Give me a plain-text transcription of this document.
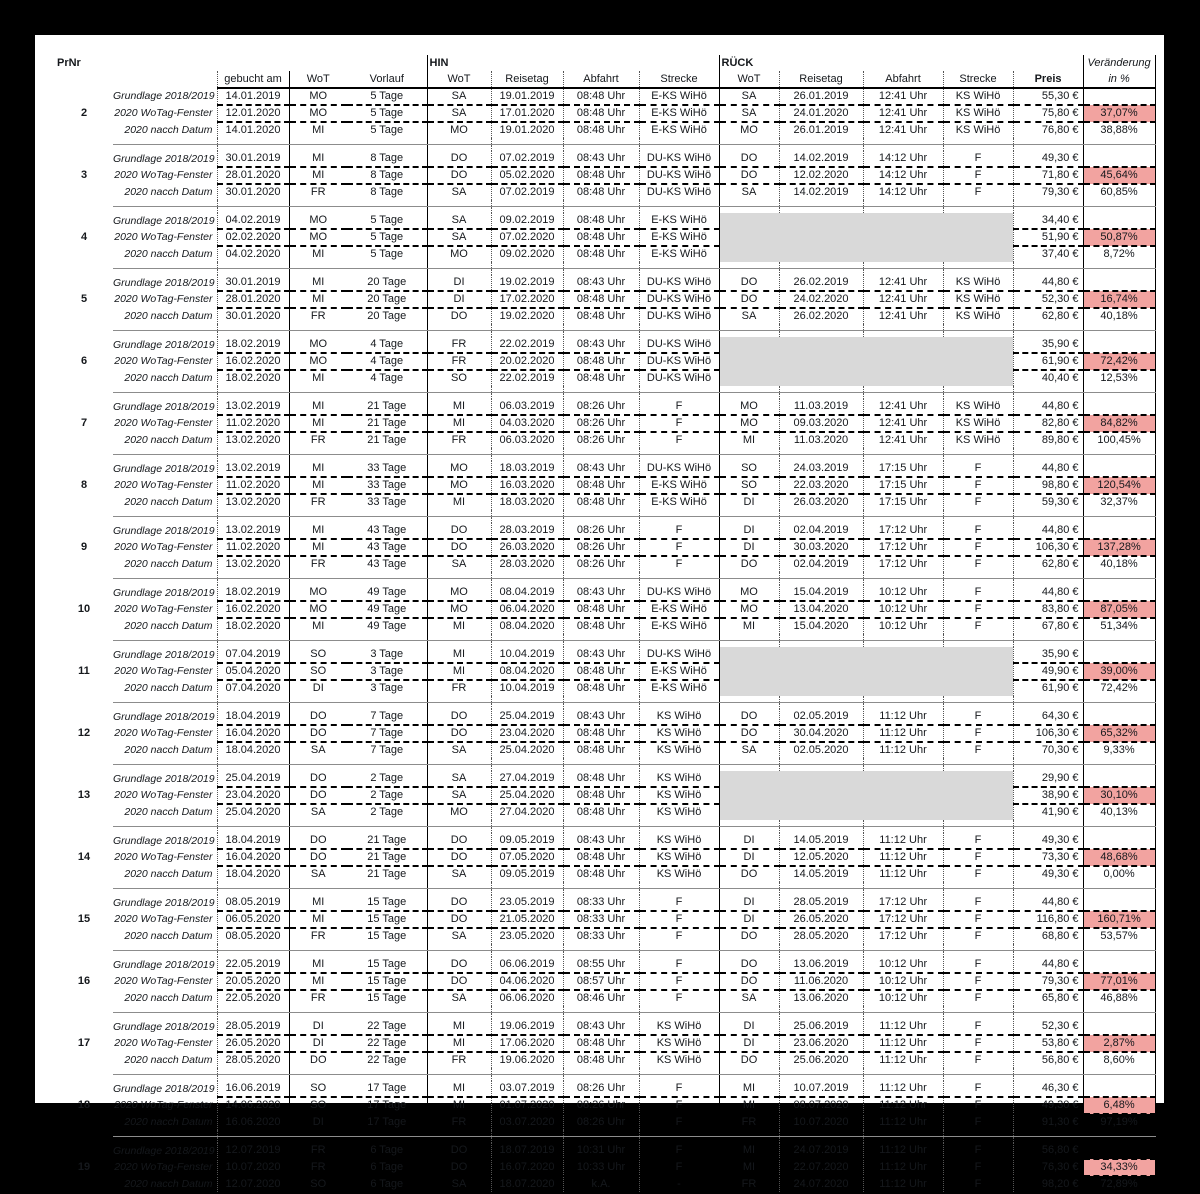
PrNr					HIN				RÜCK					Veränderung
		gebucht am	WoT	Vorlauf	WoT	Reisetag	Abfahrt	Strecke	WoT	Reisetag	Abfahrt	Strecke	Preis	in %
	Grundlage 2018/2019	14.01.2019	MO	5 Tage	SA	19.01.2019	08:48 Uhr	E-KS WiHö	SA	26.01.2019	12:41 Uhr	KS WiHö	55,30 €	
2	2020 WoTag-Fenster	12.01.2020	MO	5 Tage	SA	17.01.2020	08:48 Uhr	E-KS WiHö	SA	24.01.2020	12:41 Uhr	KS WiHö	75,80 €	37,07%
	2020 nacch Datum	14.01.2020	MI	5 Tage	MO	19.01.2020	08:48 Uhr	E-KS WiHö	MO	26.01.2019	12:41 Uhr	KS WiHö	76,80 €	38,88%

	Grundlage 2018/2019	30.01.2019	MI	8 Tage	DO	07.02.2019	08:43 Uhr	DU-KS WiHö	DO	14.02.2019	14:12 Uhr	F	49,30 €	
3	2020 WoTag-Fenster	28.01.2020	MI	8 Tage	DO	05.02.2020	08:48 Uhr	DU-KS WiHö	DO	12.02.2020	14:12 Uhr	F	71,80 €	45,64%
	2020 nacch Datum	30.01.2020	FR	8 Tage	SA	07.02.2019	08:48 Uhr	DU-KS WiHö	SA	14.02.2019	14:12 Uhr	F	79,30 €	60,85%

	Grundlage 2018/2019	04.02.2019	MO	5 Tage	SA	09.02.2019	08:48 Uhr	E-KS WiHö					34,40 €	
4	2020 WoTag-Fenster	02.02.2020	MO	5 Tage	SA	07.02.2020	08:48 Uhr	E-KS WiHö					51,90 €	50,87%
	2020 nacch Datum	04.02.2020	MI	5 Tage	MO	09.02.2020	08:48 Uhr	E-KS WiHö					37,40 €	8,72%

	Grundlage 2018/2019	30.01.2019	MI	20 Tage	DI	19.02.2019	08:43 Uhr	DU-KS WiHö	DO	26.02.2019	12:41 Uhr	KS WiHö	44,80 €	
5	2020 WoTag-Fenster	28.01.2020	MI	20 Tage	DI	17.02.2020	08:48 Uhr	DU-KS WiHö	DO	24.02.2020	12:41 Uhr	KS WiHö	52,30 €	16,74%
	2020 nacch Datum	30.01.2020	FR	20 Tage	DO	19.02.2020	08:48 Uhr	DU-KS WiHö	SA	26.02.2020	12:41 Uhr	KS WiHö	62,80 €	40,18%

	Grundlage 2018/2019	18.02.2019	MO	4 Tage	FR	22.02.2019	08:43 Uhr	DU-KS WiHö					35,90 €	
6	2020 WoTag-Fenster	16.02.2020	MO	4 Tage	FR	20.02.2020	08:48 Uhr	DU-KS WiHö					61,90 €	72,42%
	2020 nacch Datum	18.02.2020	MI	4 Tage	SO	22.02.2019	08:48 Uhr	DU-KS WiHö					40,40 €	12,53%

	Grundlage 2018/2019	13.02.2019	MI	21 Tage	MI	06.03.2019	08:26 Uhr	F	MO	11.03.2019	12:41 Uhr	KS WiHö	44,80 €	
7	2020 WoTag-Fenster	11.02.2020	MI	21 Tage	MI	04.03.2020	08:26 Uhr	F	MO	09.03.2020	12:41 Uhr	KS WiHö	82,80 €	84,82%
	2020 nacch Datum	13.02.2020	FR	21 Tage	FR	06.03.2020	08:26 Uhr	F	MI	11.03.2020	12:41 Uhr	KS WiHö	89,80 €	100,45%

	Grundlage 2018/2019	13.02.2019	MI	33 Tage	MO	18.03.2019	08:43 Uhr	DU-KS WiHö	SO	24.03.2019	17:15 Uhr	F	44,80 €	
8	2020 WoTag-Fenster	11.02.2020	MI	33 Tage	MO	16.03.2020	08:48 Uhr	E-KS WiHö	SO	22.03.2020	17:15 Uhr	F	98,80 €	120,54%
	2020 nacch Datum	13.02.2020	FR	33 Tage	MI	18.03.2020	08:48 Uhr	E-KS WiHö	DI	26.03.2020	17:15 Uhr	F	59,30 €	32,37%

	Grundlage 2018/2019	13.02.2019	MI	43 Tage	DO	28.03.2019	08:26 Uhr	F	DI	02.04.2019	17:12 Uhr	F	44,80 €	
9	2020 WoTag-Fenster	11.02.2020	MI	43 Tage	DO	26.03.2020	08:26 Uhr	F	DI	30.03.2020	17:12 Uhr	F	106,30 €	137,28%
	2020 nacch Datum	13.02.2020	FR	43 Tage	SA	28.03.2020	08:26 Uhr	F	DO	02.04.2019	17:12 Uhr	F	62,80 €	40,18%

	Grundlage 2018/2019	18.02.2019	MO	49 Tage	MO	08.04.2019	08:43 Uhr	DU-KS WiHö	MO	15.04.2019	10:12 Uhr	F	44,80 €	
10	2020 WoTag-Fenster	16.02.2020	MO	49 Tage	MO	06.04.2020	08:48 Uhr	E-KS WiHö	MO	13.04.2020	10:12 Uhr	F	83,80 €	87,05%
	2020 nacch Datum	18.02.2020	MI	49 Tage	MI	08.04.2020	08:48 Uhr	E-KS WiHö	MI	15.04.2020	10:12 Uhr	F	67,80 €	51,34%

	Grundlage 2018/2019	07.04.2019	SO	3 Tage	MI	10.04.2019	08:43 Uhr	DU-KS WiHö					35,90 €	
11	2020 WoTag-Fenster	05.04.2020	SO	3 Tage	MI	08.04.2020	08:48 Uhr	E-KS WiHö					49,90 €	39,00%
	2020 nacch Datum	07.04.2020	DI	3 Tage	FR	10.04.2019	08:48 Uhr	E-KS WiHö					61,90 €	72,42%

	Grundlage 2018/2019	18.04.2019	DO	7 Tage	DO	25.04.2019	08:43 Uhr	KS WiHö	DO	02.05.2019	11:12 Uhr	F	64,30 €	
12	2020 WoTag-Fenster	16.04.2020	DO	7 Tage	DO	23.04.2020	08:48 Uhr	KS WiHö	DO	30.04.2020	11:12 Uhr	F	106,30 €	65,32%
	2020 nacch Datum	18.04.2020	SA	7 Tage	SA	25.04.2020	08:48 Uhr	KS WiHö	SA	02.05.2020	11:12 Uhr	F	70,30 €	9,33%

	Grundlage 2018/2019	25.04.2019	DO	2 Tage	SA	27.04.2019	08:48 Uhr	KS WiHö					29,90 €	
13	2020 WoTag-Fenster	23.04.2020	DO	2 Tage	SA	25.04.2020	08:48 Uhr	KS WiHö					38,90 €	30,10%
	2020 nacch Datum	25.04.2020	SA	2 Tage	MO	27.04.2020	08:48 Uhr	KS WiHö					41,90 €	40,13%

	Grundlage 2018/2019	18.04.2019	DO	21 Tage	DO	09.05.2019	08:43 Uhr	KS WiHö	DI	14.05.2019	11:12 Uhr	F	49,30 €	
14	2020 WoTag-Fenster	16.04.2020	DO	21 Tage	DO	07.05.2020	08:48 Uhr	KS WiHö	DI	12.05.2020	11:12 Uhr	F	73,30 €	48,68%
	2020 nacch Datum	18.04.2020	SA	21 Tage	SA	09.05.2019	08:48 Uhr	KS WiHö	DO	14.05.2019	11:12 Uhr	F	49,30 €	0,00%

	Grundlage 2018/2019	08.05.2019	MI	15 Tage	DO	23.05.2019	08:33 Uhr	F	DI	28.05.2019	17:12 Uhr	F	44,80 €	
15	2020 WoTag-Fenster	06.05.2020	MI	15 Tage	DO	21.05.2020	08:33 Uhr	F	DI	26.05.2020	17:12 Uhr	F	116,80 €	160,71%
	2020 nacch Datum	08.05.2020	FR	15 Tage	SA	23.05.2020	08:33 Uhr	F	DO	28.05.2020	17:12 Uhr	F	68,80 €	53,57%

	Grundlage 2018/2019	22.05.2019	MI	15 Tage	DO	06.06.2019	08:55 Uhr	F	DO	13.06.2019	10:12 Uhr	F	44,80 €	
16	2020 WoTag-Fenster	20.05.2020	MI	15 Tage	DO	04.06.2020	08:57 Uhr	F	DO	11.06.2020	10:12 Uhr	F	79,30 €	77,01%
	2020 nacch Datum	22.05.2020	FR	15 Tage	SA	06.06.2020	08:46 Uhr	F	SA	13.06.2020	10:12 Uhr	F	65,80 €	46,88%

	Grundlage 2018/2019	28.05.2019	DI	22 Tage	MI	19.06.2019	08:43 Uhr	KS WiHö	DI	25.06.2019	11:12 Uhr	F	52,30 €	
17	2020 WoTag-Fenster	26.05.2020	DI	22 Tage	MI	17.06.2020	08:48 Uhr	KS WiHö	DI	23.06.2020	11:12 Uhr	F	53,80 €	2,87%
	2020 nacch Datum	28.05.2020	DO	22 Tage	FR	19.06.2020	08:48 Uhr	KS WiHö	DO	25.06.2020	11:12 Uhr	F	56,80 €	8,60%

	Grundlage 2018/2019	16.06.2019	SO	17 Tage	MI	03.07.2019	08:26 Uhr	F	MI	10.07.2019	11:12 Uhr	F	46,30 €	
18	2020 WoTag-Fenster	14.06.2020	SO	17 Tage	MI	01.07.2020	08:26 Uhr	F	MI	08.07.2020	11:12 Uhr	F	49,30 €	6,48%
	2020 nacch Datum	16.06.2020	DI	17 Tage	FR	03.07.2020	08:26 Uhr	F	FR	10.07.2020	11:12 Uhr	F	91,30 €	97,19%

	Grundlage 2018/2019	12.07.2019	FR	6 Tage	DO	18.07.2019	10:31 Uhr	F	MI	24.07.2019	11:12 Uhr	F	56,80 €	
19	2020 WoTag-Fenster	10.07.2020	FR	6 Tage	DO	16.07.2020	10:33 Uhr	F	MI	22.07.2020	11:12 Uhr	F	76,30 €	34,33%
	2020 nacch Datum	12.07.2020	SO	6 Tage	SA	18.07.2020	k.A.	-	FR	24.07.2020	11:12 Uhr	F	98,20 €	72,89%
